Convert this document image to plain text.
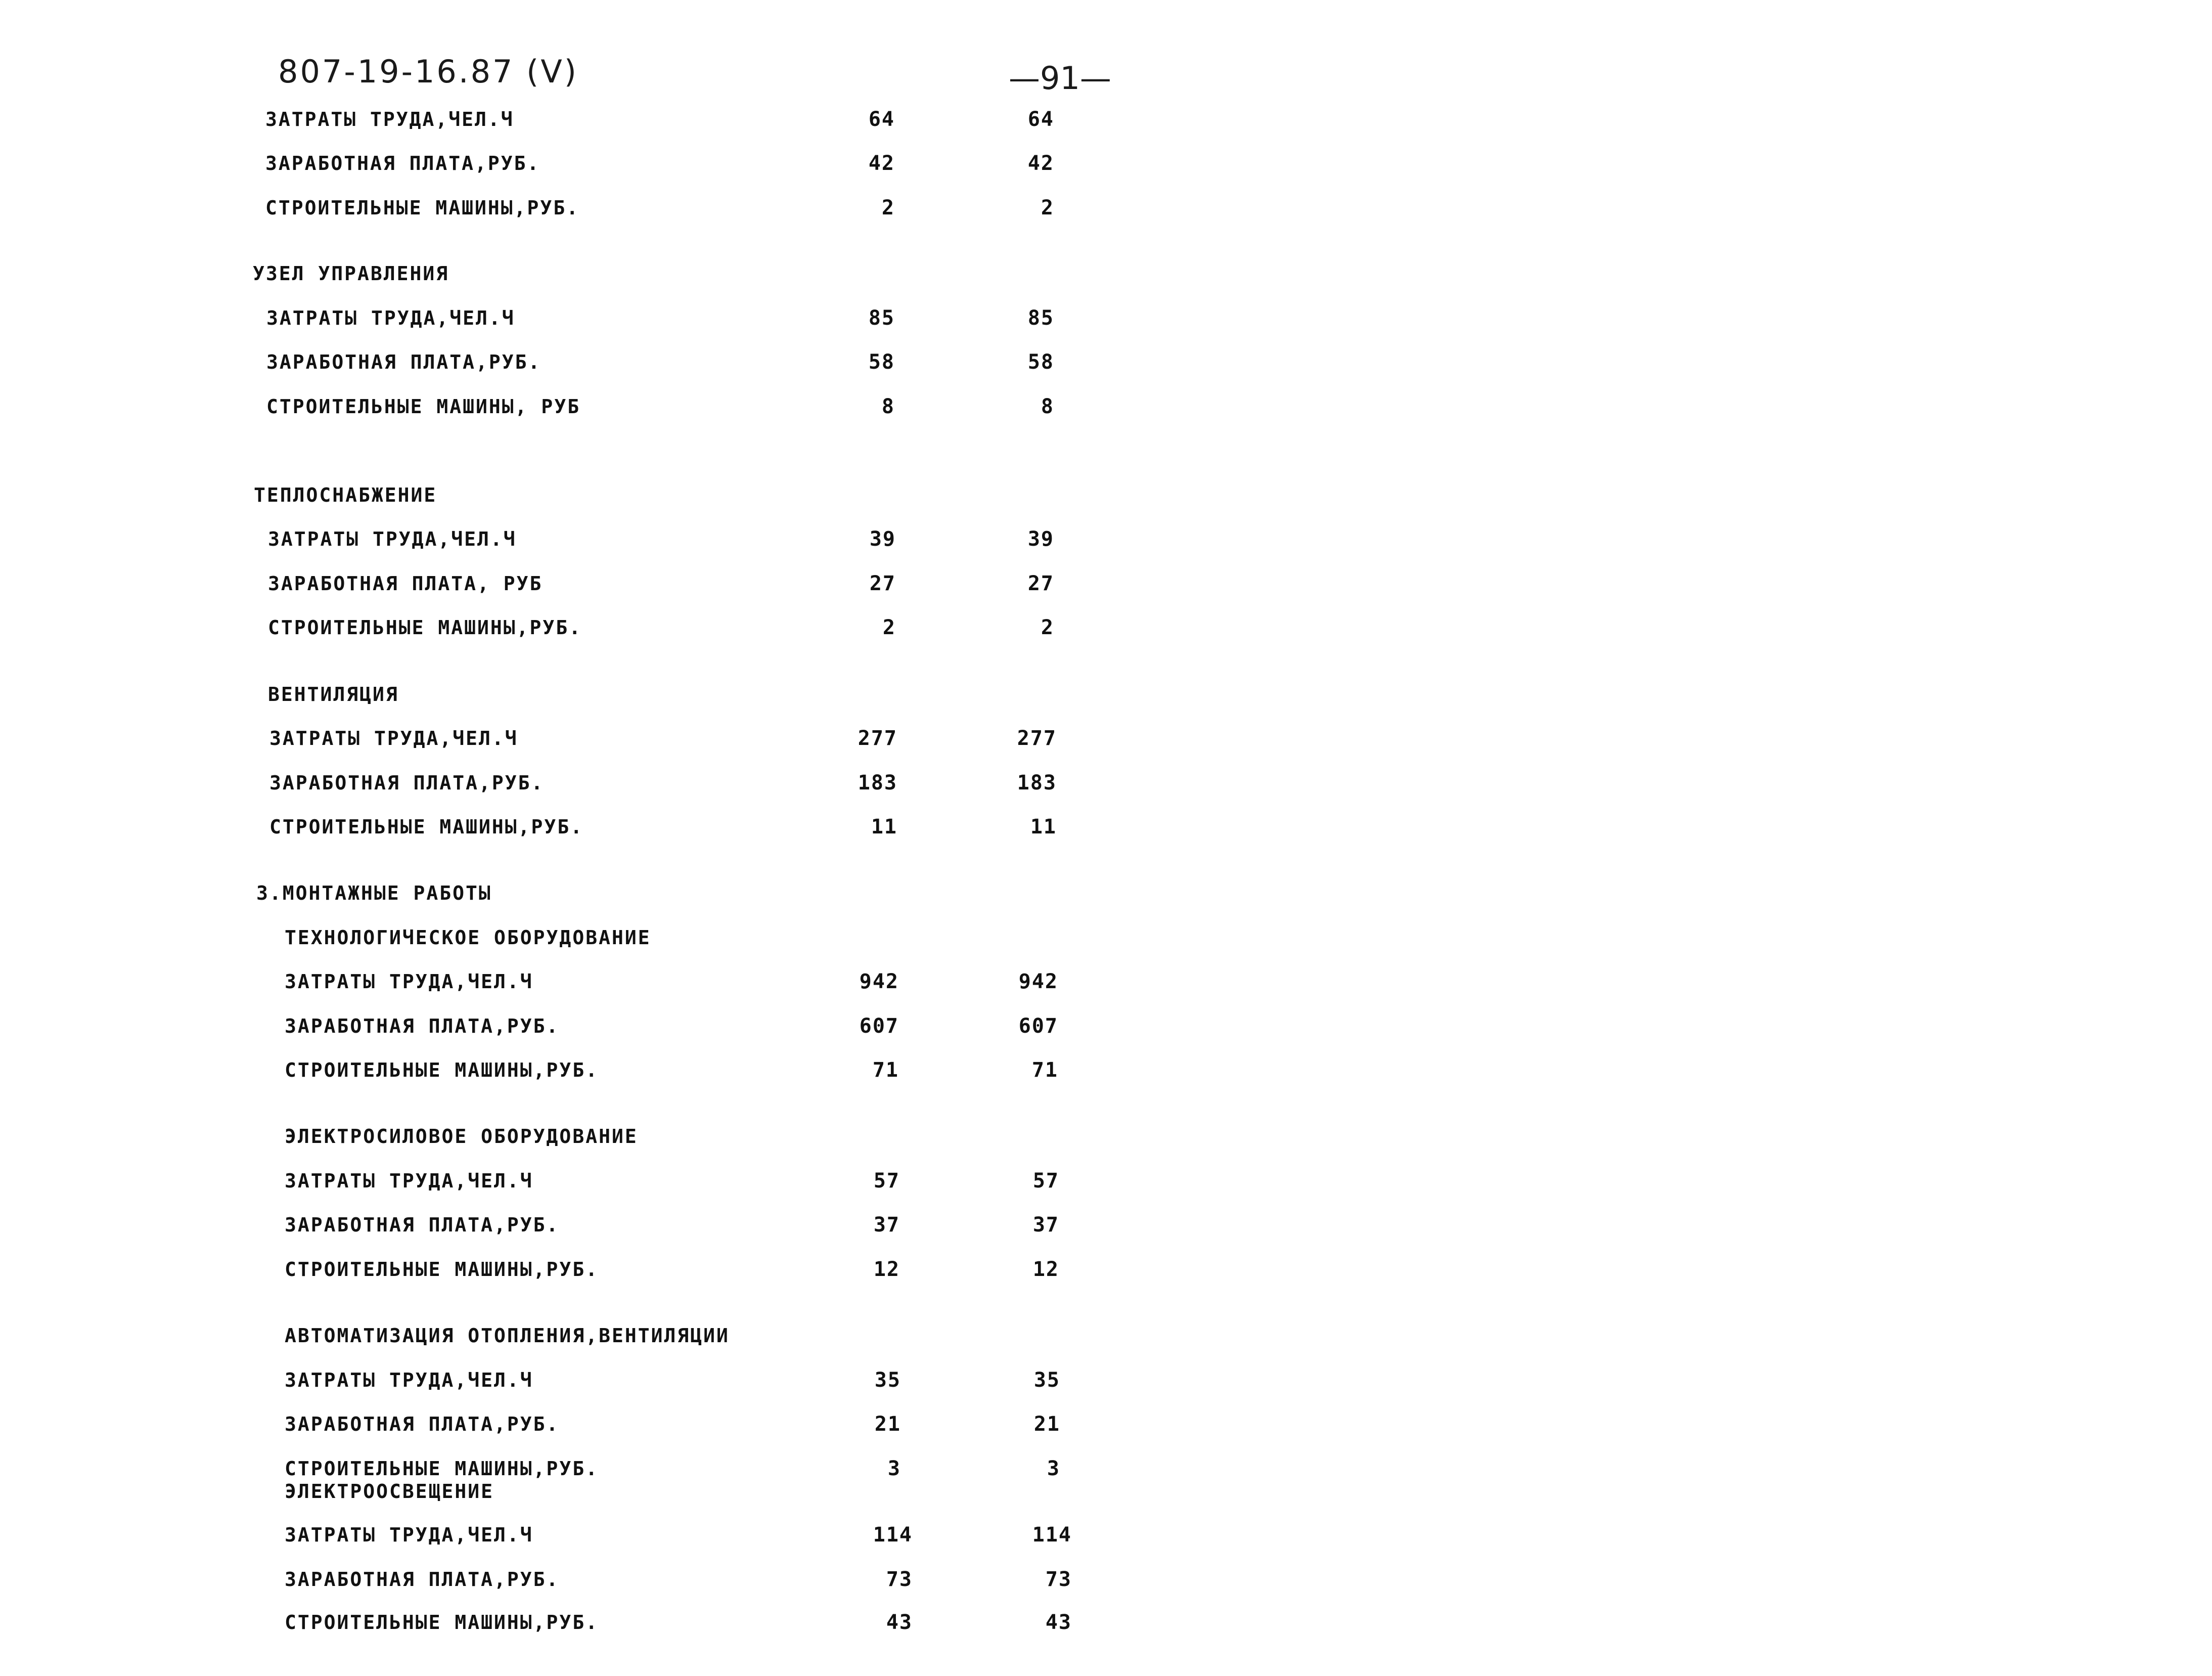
807-19-16.87 (V)	—91—
ЗАТРАТЫ ТРУДА,ЧЕЛ.Ч	64	64
ЗАРАБОТНАЯ ПЛАТА,РУБ.	42	42
СТРОИТЕЛЬНЫЕ МАШИНЫ,РУБ.	2	2
УЗЕЛ УПРАВЛЕНИЯ
ЗАТРАТЫ ТРУДА,ЧЕЛ.Ч	85	85
ЗАРАБОТНАЯ ПЛАТА,РУБ.	58	58
СТРОИТЕЛЬНЫЕ МАШИНЫ, РУБ	8	8
ТЕПЛОСНАБЖЕНИЕ
ЗАТРАТЫ ТРУДА,ЧЕЛ.Ч	39	39
ЗАРАБОТНАЯ ПЛАТА, РУБ	27	27
СТРОИТЕЛЬНЫЕ МАШИНЫ,РУБ.	2	2
ВЕНТИЛЯЦИЯ
ЗАТРАТЫ ТРУДА,ЧЕЛ.Ч	277	277
ЗАРАБОТНАЯ ПЛАТА,РУБ.	183	183
СТРОИТЕЛЬНЫЕ МАШИНЫ,РУБ.	11	11
3.МОНТАЖНЫЕ РАБОТЫ
ТЕХНОЛОГИЧЕСКОЕ ОБОРУДОВАНИЕ
ЗАТРАТЫ ТРУДА,ЧЕЛ.Ч	942	942
ЗАРАБОТНАЯ ПЛАТА,РУБ.	607	607
СТРОИТЕЛЬНЫЕ МАШИНЫ,РУБ.	71	71
ЭЛЕКТРОСИЛОВОЕ ОБОРУДОВАНИЕ
ЗАТРАТЫ ТРУДА,ЧЕЛ.Ч	57	57
ЗАРАБОТНАЯ ПЛАТА,РУБ.	37	37
СТРОИТЕЛЬНЫЕ МАШИНЫ,РУБ.	12	12
АВТОМАТИЗАЦИЯ ОТОПЛЕНИЯ,ВЕНТИЛЯЦИИ
ЗАТРАТЫ ТРУДА,ЧЕЛ.Ч	35	35
ЗАРАБОТНАЯ ПЛАТА,РУБ.	21	21
СТРОИТЕЛЬНЫЕ МАШИНЫ,РУБ.	3	3
ЭЛЕКТРООСВЕЩЕНИЕ
ЗАТРАТЫ ТРУДА,ЧЕЛ.Ч	114	114
ЗАРАБОТНАЯ ПЛАТА,РУБ.	73	73
СТРОИТЕЛЬНЫЕ МАШИНЫ,РУБ.	43	43
